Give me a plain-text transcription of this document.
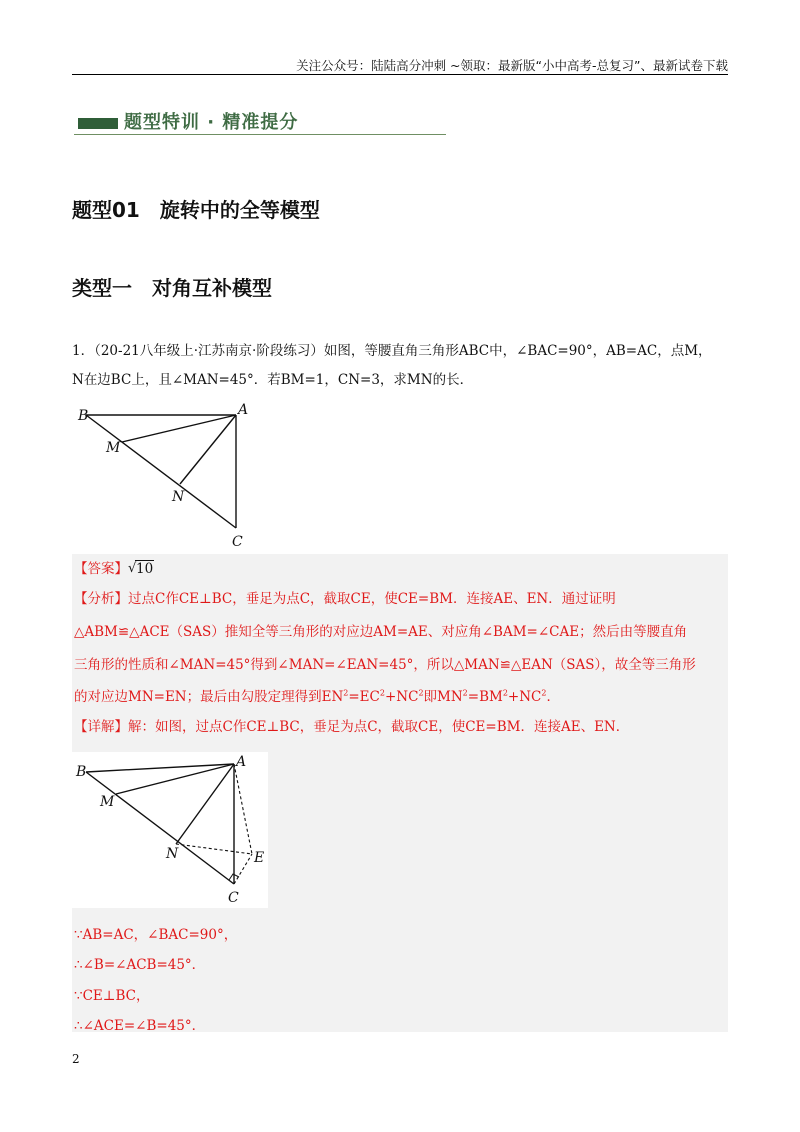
关注公众号：陆陆高分冲刺 ~领取：最新版“小中高考-总复习”、最新试卷下载
题型特训 · 精准提分
题型01　旋转中的全等模型
类型一　对角互补模型
1．（20-21八年级上·江苏南京·阶段练习）如图，等腰直角三角形ABC中，∠BAC=90°，AB=AC，点M，
N在边BC上，且∠MAN=45°．若BM=1，CN=3，求MN的长．
B	A
M
N
C
【答案】 √ 10
【分析】过点C作CE⊥BC，垂足为点C，截取CE，使CE=BM．连接AE、EN．通过证明
△ABM≌△ACE（SAS）推知全等三角形的对应边AM=AE、对应角∠BAM=∠CAE；然后由等腰直角
三角形的性质和∠MAN=45°得到∠MAN=∠EAN=45°，所以△MAN≌△EAN（SAS），故全等三角形
的对应边MN=EN；最后由勾股定理得到$EN^2=EC^2+NC^2$即$MN^2=BM^2+NC^2$．
【详解】解：如图，过点C作CE⊥BC，垂足为点C，截取CE，使CE=BM．连接AE、EN．
B
A
M
N	E
C
∵AB=AC，∠BAC=90°，
∴∠B=∠ACB=45°．
∵CE⊥BC，
∴∠ACE=∠B=45°．
2
